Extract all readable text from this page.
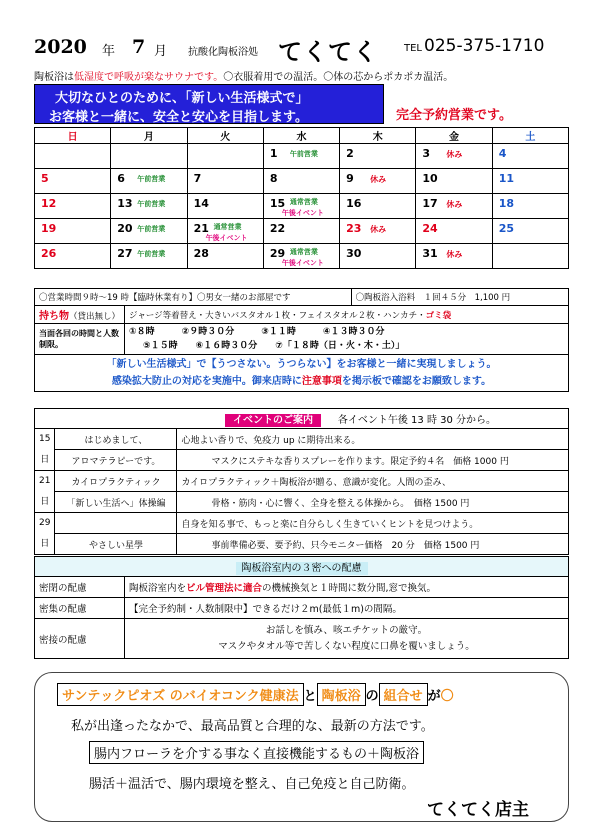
2020 年 7 月 抗酸化陶板浴処 てくてく	TEL 025-375-1710
陶板浴は低湿度で呼吸が楽なサウナです。〇衣服着用での温活。〇体の芯からポカポカ温活。
大切なひとのために、「新しい生活様式で」
お客様と一緒に、安全と安心を目指します。	完全予約営業です。
日	月	火	水	木	金	土

			1 午前営業	2	3 休み	4

5	6 午前営業	7	8	9 休み	10	11

12	13 午前営業	14	15 通常営業
午後イベント	16	17 休み	18

19	20 午前営業	21 通常営業
午後イベント	22	23 休み	24	25

26	27 午前営業	28	29 通常営業
午後イベント	30	31 休み	

〇営業時間９時〜19 時【臨時休業有り】〇男女一緒のお部屋です		〇陶板浴入浴料　１回４５分　1,100 円
持ち物（貸出無し）	ジャージ等着替え・大きいバスタオル１枚・フェイスタオル２枚・ハンカチ・ゴミ袋	
当面各回の時間と人数制限。	①８時　　　②９時３０分　　　③１１時　　　④１３時３０分
⑤１５時　　⑥１６時３０分　　⑦「１８時（日・火・木・土）」	

「新しい生活様式」で【うつさない。うつらない】をお客様と一緒に実現しましょう。
感染拡大防止の対応を実施中。御来店時に注意事項を掲示板で確認をお願致します。		
イベントのご案内 各イベント午後 13 時 30 分から。		

15
日	はじめまして、	心地よい香りで、免疫力 up に期待出来る。
	アロマテラピーです。	マスクにステキな香りスプレーを作ります。限定予約４名　価格 1000 円

21
日	カイロプラクティック	カイロプラクティック＋陶板浴が贈る、意識が変化。人間の歪み、
	「新しい生活へ」体操編	骨格・筋肉・心に響く、全身を整える体操から。　価格 1500 円

29
日		自身を知る事で、もっと楽に自分らしく生きていくヒントを見つけよう。
	やさしい星學	事前準備必要、要予約、只今モニター価格　20 分　価格 1500 円
陶板浴室内の３密への配慮	
密閉の配慮	陶板浴室内をビル管理法に適合の機械換気と１時間に数分間,窓で換気。
密集の配慮	【完全予約制・人数制限中】できるだけ２m(最低１m)の間隔。
密接の配慮	お話しを慎み、咳エチケットの厳守。
マスクやタオル等で苦しくない程度に口鼻を覆いましょう。
サンテックピオズ のバイオコンク健康法 と 陶板浴 の 組合せ が〇
私が出逢ったなかで、最高品質と合理的な、最新の方法です。
腸内フローラを介する事なく直接機能するもの＋陶板浴
腸活＋温活で、腸内環境を整え、自己免疫と自己防衛。
てくてく店主
